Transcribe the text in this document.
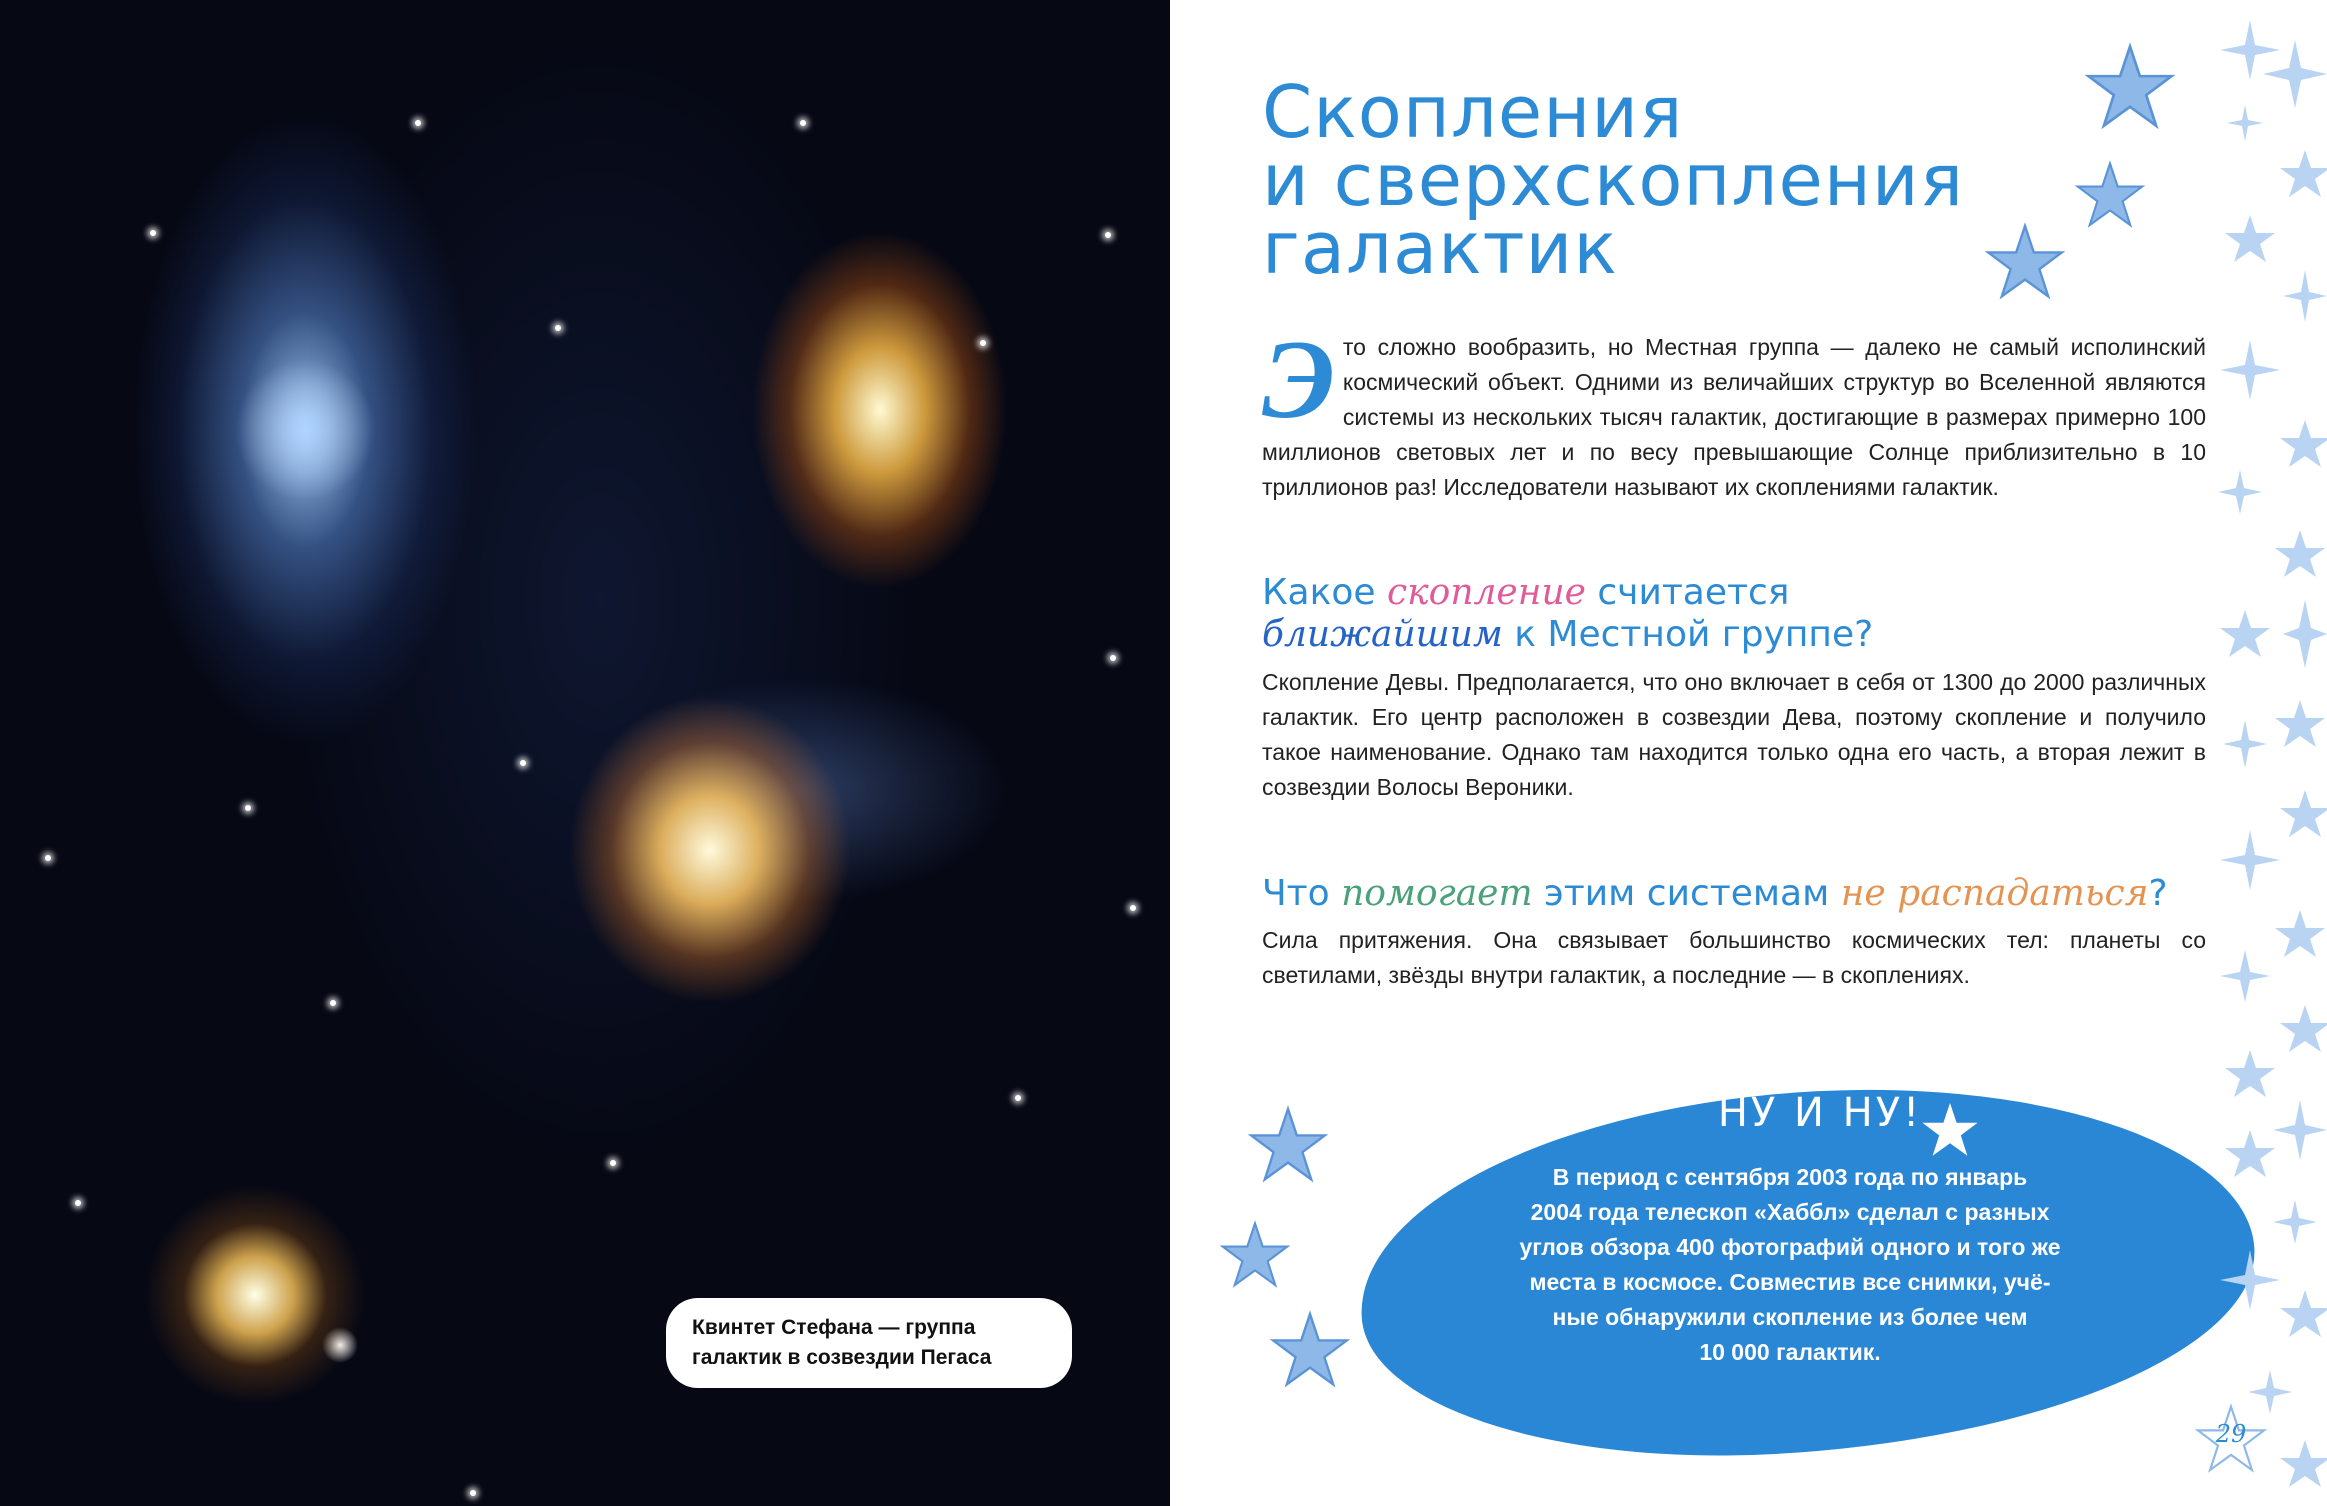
Квинтет Стефана — группа
галактик в созвездии Пегаса
Скопления
и сверхскопления
галактик
Это сложно вообразить, но Местная группа — далеко не самый исполинский космический объект. Одними из величайших структур во Вселенной являются системы из нескольких тысяч галактик, достигающие в размерах примерно 100 миллионов световых лет и по весу превышающие Солнце приблизительно в 10 триллионов раз! Исследователи называют их скоплениями галактик.
Какое скопление считается
ближайшим к Местной группе?
Скопление Девы. Предполагается, что оно включает в себя от 1300 до 2000 различных галактик. Его центр расположен в созвездии Дева, поэтому скопление и получило такое наименование. Однако там находится только одна его часть, а вторая лежит в созвездии Волосы Вероники.
Что помогает этим системам не распадаться?
Сила притяжения. Она связывает большинство космических тел: планеты со светилами, звёзды внутри галактик, а последние — в скоплениях.
НУ И НУ!
В период с сентября 2003 года по январь
2004 года телескоп «Хаббл» сделал с разных
углов обзора 400 фотографий одного и того же
места в космосе. Совместив все снимки, учё-
ные обнаружили скопление из более чем
10 000 галактик.
29
